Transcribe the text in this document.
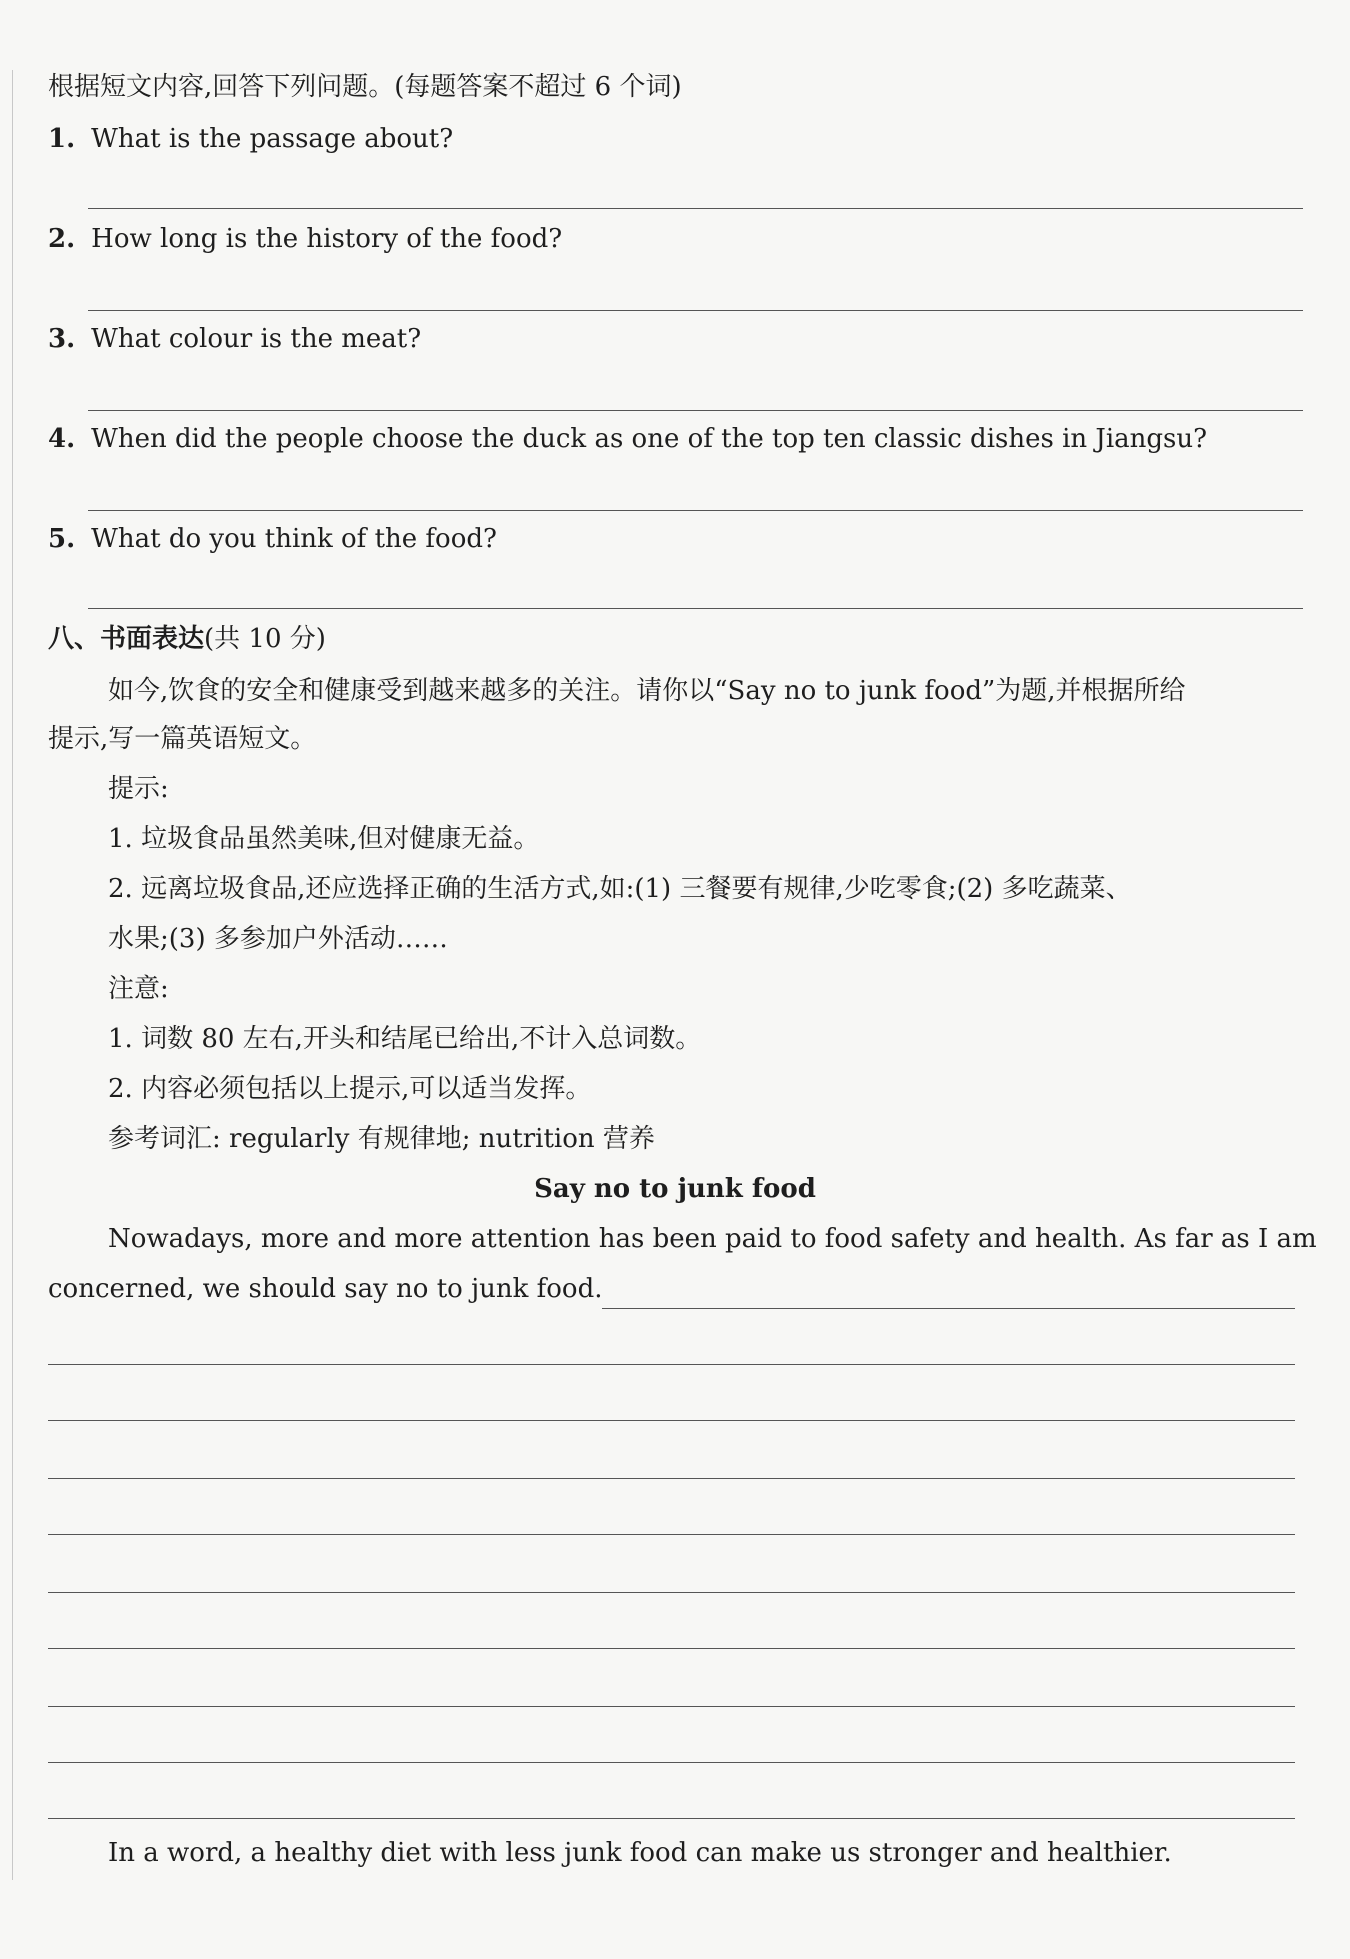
根据短文内容,回答下列问题。(每题答案不超过 6 个词)
1. What is the passage about?
2. How long is the history of the food?
3. What colour is the meat?
4. When did the people choose the duck as one of the top ten classic dishes in Jiangsu?
5. What do you think of the food?
八、书面表达(共 10 分)
如今,饮食的安全和健康受到越来越多的关注。请你以“Say no to junk food”为题,并根据所给
提示,写一篇英语短文。
提示:
1. 垃圾食品虽然美味,但对健康无益。
2. 远离垃圾食品,还应选择正确的生活方式,如:(1) 三餐要有规律,少吃零食;(2) 多吃蔬菜、
水果;(3) 多参加户外活动……
注意:
1. 词数 80 左右,开头和结尾已给出,不计入总词数。
2. 内容必须包括以上提示,可以适当发挥。
参考词汇: regularly 有规律地; nutrition 营养
Say no to junk food
Nowadays, more and more attention has been paid to food safety and health. As far as I am
concerned, we should say no to junk food.
In a word, a healthy diet with less junk food can make us stronger and healthier.
